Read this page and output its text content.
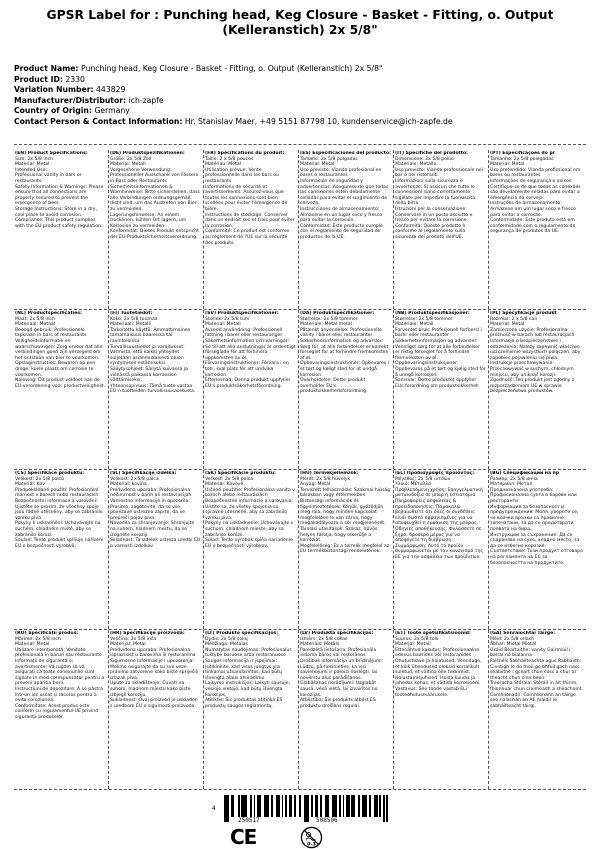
GPSR Label for : Punching head, Keg Closure - Basket - Fitting, o. Output (Kelleranstich) 2x 5/8"
Product Name: Punching head, Keg Closure - Basket - Fitting, o. Output (Kelleranstich) 2x 5/8"
Product ID: 2330
Variation Number: 443829
Manufacturer/Distributor: ich-zapfe
Country of Origin: Germany
Contact Person & Contact Information: Hr. Stanislav Maer, +49 5151 87798 10, kundenservice@ich-zapfe.de
(EN) Product Specifications:
Size: 2x 5/8 inch
Material: Metal
Intended Use:
Professional vanity in bars or restaurants
Safety Information & Warnings: Please ensure that all connections are properly secured to prevent the emergence of beer.
Storage Instructions: Store in a dry, cool place to avoid corrosion.
Compliance: This product complies with the EU product safety regulation.
(DE) Produktspezifikationen:
Größe: 2x 5/8 Zoll
Material: Metall
Vorgesehene Verwendung: Professioneller Ausschank von Fässern in Bars oder Restaurants
Sicherheitsinformationen & Warnhinweise: Bitte sicherstellen, dass alle Verbindungen ordnungsgemäß dicht sind, um das Austreten von Bier zu vermeiden.
Lagerungshinweise: An einem trockenen, kühlen Ort lagern, um Korrosion zu vermeiden.
Konformität: Dieses Produkt entspricht der EU-Produktsicherheitsverordnung.
(FR) Spécifications du produit:
Taille: 2 x 5/8 pouces
Matériau: Métal
Utilisation prévue: Vente professionnelle dans les bars ou restaurants
Informations de sécurité et avertissements: Assurez-vous que toutes les connexions sont bien scellées pour éviter l'émergence de bière.
Instructions de stockage: Conserver dans un endroit sec et frais pour éviter la corrosion.
Conformité: Ce produit est conforme au règlement de l'UE sur la sécurité des produits.
(ES) Especificaciones del producto:
Tamaño: 2x 5/8 pulgadas
Material: Metal
Uso previsto: Vianda profesional en bares o restaurantes
Información de seguridad y advertencias: Asegúrese de que todas las conexiones estén debidamente selladas para evitar el surgimiento de cerveza.
Instrucciones de almacenamiento: Almacene en un lugar seco y fresco para evitar la corrosión.
Conformidad: Este producto cumple con el reglamento de seguridad de productos de la UE.
(IT) Specifiche del prodotto:
Dimensione: 2x 5/8 pollici
Materiale: Metallo
Uso previsto: Vianda professionale nei bar o nei ristoranti
Informazioni sulla sicurezza e avvertenze: Si assicuri che tutte le connessioni siano correttamente sigillate per impedire la fuoriuscita della birra.
Istruzioni per la conservazione: Conservare in un posto asciutto e fresco per evitare la corrosione.
Conformità: Questo prodotto è conforme al regolamento sulla sicurezza dei prodotti dell'UE.
(PT) Especificações do pr
Tamanho: 2x 5/8 polegadas
Material: Metal
Uso pretendido: Vianda profissional em bares ou restaurantes
Informações de segurança e avisos: Certifique-se de que todas as conexões são devidamente seladas para evitar a emergência da cerveja.
Instruções de armazenamento: Armazene em um lugar seco e fresco para evitar a corrosão.
Conformidade: Este produto está em conformidade com o regulamento de segurança de produtos da UE.
(NL) Productspecificaties:
Maat: 2x 5/8 inch
Materiaal: Metaal
Beoogd gebruik: Professionele tapkraan in bars of restaurants
Veiligheidsinformatie en waarschuwingen: Zorg ervoor dat alle verbindingen goed zijn verzegeld om het ontstaan van bier te voorkomen.
Opslaginstructies: Bewaren op een droge, koele plaats om corrosie te voorkomen.
Naleving: Dit product voldoet aan de EU-verordening voor productveiligheid.
(FI) Tuotetiedot:
Koko: 2x 5/8 tuumaa
Materiaali: Metalli
Tarkoitettu käyttö: Ammattimainen tarhamaisuus baareissa tai ravintoloissa
Turvallisuustiedot ja varoitukset: Varmista, että kaikki yhteydet suljetaan asianmukaisesti oluen syntymisen estämiseksi.
Säilytysohjeet: Säilytä kuivassa ja viileässä paikassa korroosion välttämiseksi.
Yhteensopivuus: Tämä tuote vastaa EU:n tuotteiden turvallisuusasetusta.
(SV) Produktspecifikationer:
Storlek: 2x 5/8 tum
Material: Metall
Avsedd användning: Professionell fattning i barer eller restauranger
Säkerhetsinformation och varningar: Se till att alla anslutningar är ordentligt förseglade för att förhindra uppkomsten av öl.
Förvaringsinstruktioner: Förvara i en torr, sval plats för att undvika korrosion.
Efterlevnad: Denna produkt uppfyller EU:s produktsäkerhetsförordning.
(DA) Produktspecifikationer:
Størrelse: 2x 5/8 tommer
Materiale: Metal metal
Påtænkt anvendelse: Professionelle vanity i barer eller restauranter
Sikkerhedsinformation og advarsler: Sørg for, at alle forbindelser er korrekt forseglet for at forhindre fremkomsten af øl.
Opbevaringsinstruktioner: Opbevares i et tørt og køligt sted for at undgå korrosion.
Overholdelse: Dette produkt overholder EU's produktsikkerhedsforordning.
(NB) Produktspesifikasjoner:
Størrelse: 2x 5/8 tommer
Materiale: Metall
Forventet bruk: Profesjonell forfoersl i barer eller restauranter
Sikkerhetsinformasjon og advarsler: Vennligst sørg for at alle forbindelser er riktig forseglet for å forhindre fremveksten av øl.
Oppbevaringsinstruksjoner: Oppbevares på et tørt og kjølig sted for å unngå korrosjon.
Samsvar: Dette produktet oppfyller EUs forordning om produktsikkerhet.
(PL) Specyfikacje produkt
Rozmiar: 2 x 5/8 cali
Materiał: Metal
Zamierzone użycie: Profesjonalna próżność w barach lub restauracjach
Informacje o bezpieczeństwie i ostrzeżenia: Należy zapewnić właściwe uszczelnienie wszystkich połączeń, aby zapobiec pojawieniu się piwa.
Instrukcje przechowywania: Przechowywać w suchym, chłodnym miejscu, aby uniknąć korozji.
Zgodność: Ten produkt jest zgodny z rozporządzeniem UE w sprawie bezpieczeństwa produktów.
(CS) Specifikace produktu:
Velikost: 2x 5/8 palců
Materiál: Kov
Předpokládané použití: Profesionální marnost v barech nebo restauracích
Bezpečnostní informace a varování: Ujistěte se prosím, že všechny spoje jsou řádně utěsněny, aby se zabránilo vzniku piva.
Pokyny k uskladnění: Uchovávejte na suchém, chladném místě, aby se zabránilo korozi.
Soulad: Tento produkt splňuje nařízení EU o bezpečnosti výrobků.
(SL) Specifikacije izdelka:
Velikost: 2×5/8 palca
Material: kovina
Predvidena uporaba: Profesionalna nečimrnost v barih ali restavracijah
Varnostne informacije in opozorila: Prosimo, zagotovite, da so vse povezave ustrezno zaprte, da se prepreči pojav piva.
Navodila za shranjevanje: Shranjujte na suhem, hladnem mestu, da se izognete koroziji.
Skladnost: Ta izdelek ustreza uredbi EU o varnosti izdelkov.
(SK) Špecifikácie produktu:
Veľkosť: 2x 5/8 palca
Materiál: Kovové
Určené použitie: Profesionálna vanita v baroch alebo reštauráciách
Bezpečnostné informácie a varovania: Uistite sa, že všetky spojenia sú správne utesnené, aby sa zabránilo vzniku piva.
Pokyny na uskladnenie: Uchovávajte v suchom, chladnom mieste, aby sa zabránilo korózii.
Súlad: Tento výrobok spĺňa nariadenie EÚ o bezpečnosti výrobkov.
(HU) Termékjellemzők:
Méret: 2x 5/8 hüvelyk
Anyag: Metál
Tervezett felhasználás: Szakmai hiúság bárokban vagy éttermekben
Biztonsági információk és figyelmeztetések: Kérjük, győződjön meg róla, hogy minden kapcsolat megfelelően le van zárva, hogy megakadályozza a sör megjelenését.
Tárolási utasítások: Száraz, hűvös helyen tárolja, hogy elkerülje a korróziót.
Megfelelőség: Ez a termék megfelel az EU termékbiztonsági rendeletének.
(EL) Προδιαγραφές προϊόντος:
Μέγεθος: 2x 5/8 ιντσών
Υλικό: Μέταλλο
Προβλεπόμενη χρήση: Επαγγελματική ματαιοδοξία σε μπαρ ή εστιατόρια
Πληροφορίες ασφαλείας & προειδοποιήσεις: Παρακαλώ βεβαιωθείτε ότι όλες οι συνδέσεις είναι σωστά σφραγισμένες για να αποφευχθεί η εμφάνιση της μπύρας.
Οδηγίες αποθήκευσης: Φυλάσσετε σε ξηρό, δροσερό μέρος για να αποφύγετε τη διάβρωση.
Συμμόρφωση: Αυτό το προϊόν συμμορφώνεται με τον κανονισμό της ΕΕ για την ασφάλεια των προϊόντων.
(BG) Спецификации на пр
Размер: 2x 5/8 инча
Материал: Метал
Предназначена употреба: Професионална суета в барове или ресторанти
Информация за безопасност и предупреждения: Моля, уверете се, че всички връзки са правилно запечатани, за да се предотврати появата на бира.
Инструкции за съхранение: Да се съхранява на сухо, хладно място, за да се избегне корозия.
Съответствие: Този продукт отговаря на регламента на ЕС за безопасността на продуктите.
(RO) Specificații produs:
Mărime: 2x 5/8 inch
Material: Metal
Utilizare intenționată: Vanitate profesională în baruri sau restaurante
Informații de siguranță și avertismente: Vă rugăm să vă asigurați că toate conexiunile sunt sigilate în mod corespunzător pentru a preveni apariția berii.
Instrucțiuni de depozitare: A se păstra într-un loc uscat și răcoros pentru a evita coroziunea.
Conformitate: Acest produs este conform cu regulamentul UE privind siguranța produselor.
(HR) Specifikacije proizvoda:
Veličina: 2x 5/8 inča
Materijal: Metal
Predviđena uporaba: Profesionalna ispraznost u barovima ili restoranima
Sigurnosne informacije i upozorenja: Molimo osigurajte da su sve veze pravilno zatvorene kako biste spriječili izlazak piva.
Upute za skladištenje: Čuvati na suhom, hladnom mjestu kako biste izbjegli koroziju.
Sukladnost: Ovaj proizvod je usklađen s uredbom EU o sigurnosti proizvoda.
(LT) Produkto specifikacijos:
Dydis: 2x 5/8 colių
Medžiaga: Metalas
Numatytas naudojimas: Profesionalus tuštybė baruose arba restoranuose
Saugos informacija ir įspėjimai: Įsitikinkite, kad visos jungtys yra tinkamai užsandarintos, kad būtų išvengta alaus atsiradimo.
Laikymo instrukcijos: Laikyti sausoje, vėsioje vietoje, kad būtų išvengta korozijos.
Atitiktis: Šis produktas atitinka ES produktų saugos reglamentą.
(LV) Produkta specifikācijas:
Izmērs: 2x 5/8 collas
Materiāls: Metāls
Paredzētā lietošana: Profesionāla iedoma bāros vai restorānos
Drošības informācija un brīdinājumi: Lūdzu, pārliecinieties, ka visi savienojumi ir pareizi noslēgti, lai novērstu alus parādīšanos.
Glabāšanas norādījumi: Uzglabāt sausā, vēsā vietā, lai izvairītos no korozijas.
Atbilstība: Šis produkts atbilst ES produktu drošības regulai.
(ET) Toote spetsifikatsioonid:
Suurus: 2x 5/8 tolli
Materjal: Metall
Ettenähtud kasutus: Professionaalne edevus baarides või restoranides
Ohutusteave ja hoiatused: Veenduge, et kõik ühendused oleksid korralikult suletud, et vältida õlle tekkimist.
Hoiustamisjuhised: Hoida kuivas ja jahedas kohas, et vältida korrosiooni.
Vastavus: See toode vastab ELi tooteohutusmäärusele.
(GA) Sonraíochtaí Táirge:
Méid: 2x 5/8 orlach
Ábhar: Miotal Miotal
Úsáid Beartaithe: vanity Gairmiúil i barraí nó bialanna
Faisnéis Sábháilteachta agus Rabhaidh: Cinntigh le do thoil go bhfuil gach nasc séalaithe i gceart chun cosc a chur ar theacht chun cinn beoir.
Treoracha Stórála: Stóráil in áit thirim, fhionnuar chun creimeadh a sheachaint.
Comhlíonadh: Comhlíonann an táirge seo rialachán an AE maidir le sábháilteacht táirgí.
4
250517	508506
CE	0-3
